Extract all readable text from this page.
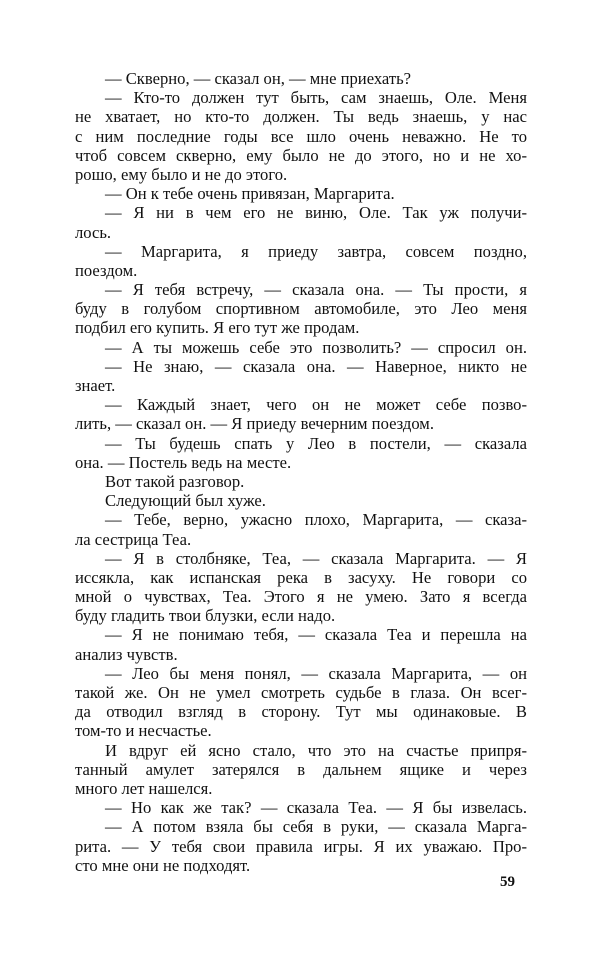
— Скверно, — сказал он, — мне приехать?
— Кто-то должен тут быть, сам знаешь, Оле. Меня
не хватает, но кто-то должен. Ты ведь знаешь, у нас
с ним последние годы все шло очень неважно. Не то
чтоб совсем скверно, ему было не до этого, но и не хо-
рошо, ему было и не до этого.
— Он к тебе очень привязан, Маргарита.
— Я ни в чем его не виню, Оле. Так уж получи-
лось.
— Маргарита, я приеду завтра, совсем поздно,
поездом.
— Я тебя встречу, — сказала она. — Ты прости, я
буду в голубом спортивном автомобиле, это Лео меня
подбил его купить. Я его тут же продам.
— А ты можешь себе это позволить? — спросил он.
— Не знаю, — сказала она. — Наверное, никто не
знает.
— Каждый знает, чего он не может себе позво-
лить, — сказал он. — Я приеду вечерним поездом.
— Ты будешь спать у Лео в постели, — сказала
она. — Постель ведь на месте.
Вот такой разговор.
Следующий был хуже.
— Тебе, верно, ужасно плохо, Маргарита, — сказа-
ла сестрица Теа.
— Я в столбняке, Теа, — сказала Маргарита. — Я
иссякла, как испанская река в засуху. Не говори со
мной о чувствах, Теа. Этого я не умею. Зато я всегда
буду гладить твои блузки, если надо.
— Я не понимаю тебя, — сказала Теа и перешла на
анализ чувств.
— Лео бы меня понял, — сказала Маргарита, — он
такой же. Он не умел смотреть судьбе в глаза. Он всег-
да отводил взгляд в сторону. Тут мы одинаковые. В
том-то и несчастье.
И вдруг ей ясно стало, что это на счастье припря-
танный амулет затерялся в дальнем ящике и через
много лет нашелся.
— Но как же так? — сказала Теа. — Я бы извелась.
— А потом взяла бы себя в руки, — сказала Марга-
рита. — У тебя свои правила игры. Я их уважаю. Про-
сто мне они не подходят.
59
